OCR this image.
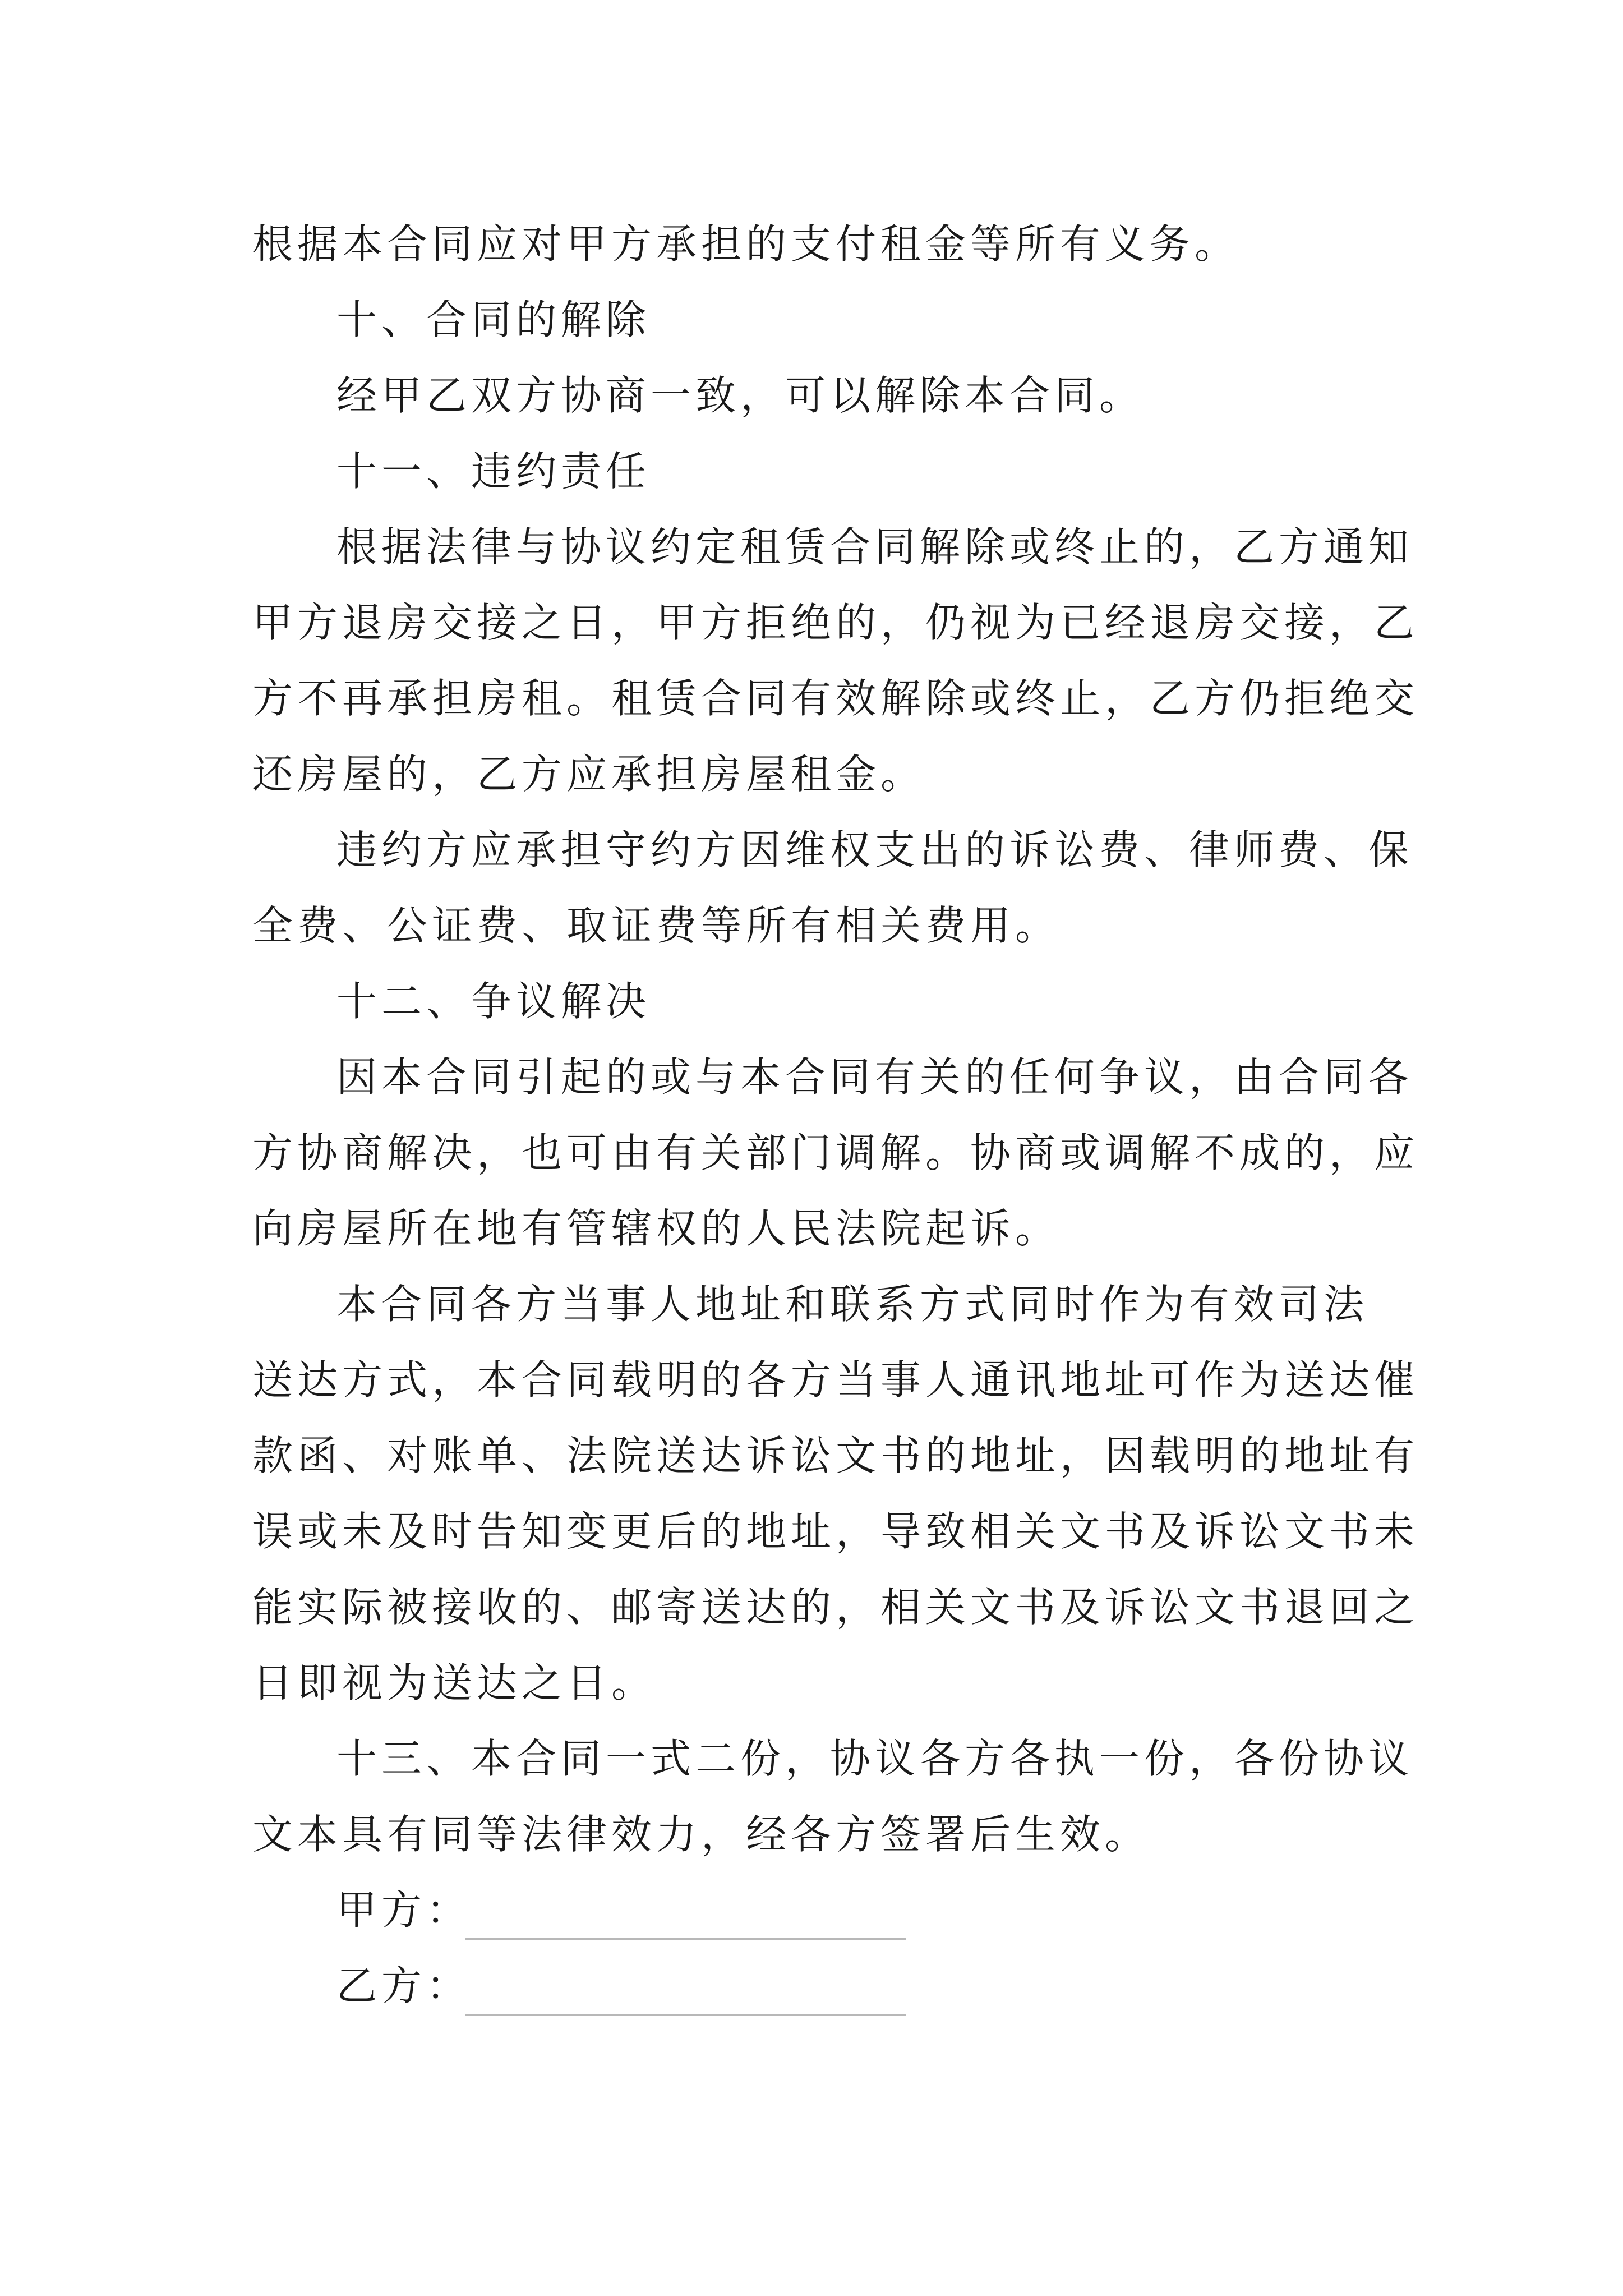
根据本合同应对甲方承担的支付租金等所有义务。
十、合同的解除
经甲乙双方协商一致，可以解除本合同。
十一、违约责任
根据法律与协议约定租赁合同解除或终止的，乙方通知
甲方退房交接之日，甲方拒绝的，仍视为已经退房交接，乙
方不再承担房租。租赁合同有效解除或终止，乙方仍拒绝交
还房屋的，乙方应承担房屋租金。
违约方应承担守约方因维权支出的诉讼费、律师费、保
全费、公证费、取证费等所有相关费用。
十二、争议解决
因本合同引起的或与本合同有关的任何争议，由合同各
方协商解决，也可由有关部门调解。协商或调解不成的，应
向房屋所在地有管辖权的人民法院起诉。
本合同各方当事人地址和联系方式同时作为有效司法
送达方式，本合同载明的各方当事人通讯地址可作为送达催
款函、对账单、法院送达诉讼文书的地址，因载明的地址有
误或未及时告知变更后的地址，导致相关文书及诉讼文书未
能实际被接收的、邮寄送达的，相关文书及诉讼文书退回之
日即视为送达之日。
十三、本合同一式二份，协议各方各执一份，各份协议
文本具有同等法律效力，经各方签署后生效。
甲方：
乙方：
